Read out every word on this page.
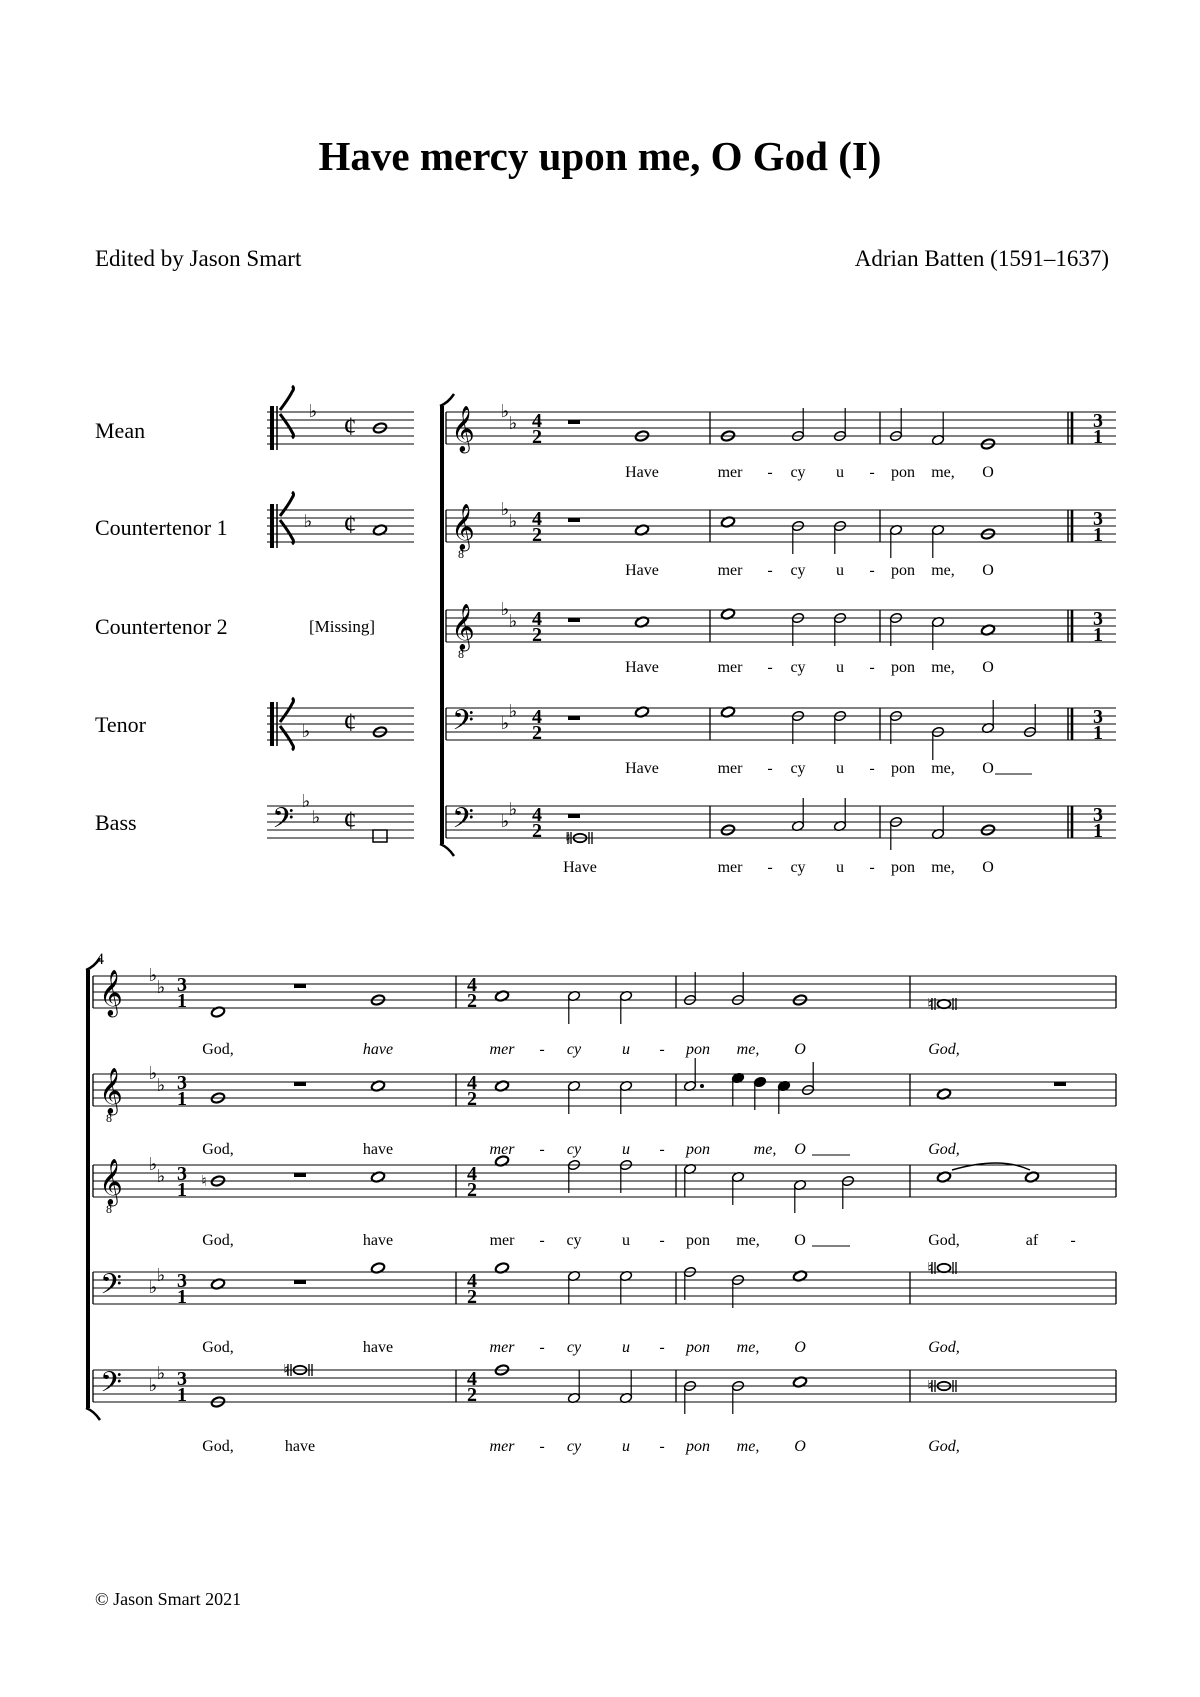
Have mercy upon me, O God (I)
Edited by Jason Smart	Adrian Batten (1591–1637)
Mean
Countertenor 1
Countertenor 2
Tenor
Bass
[Missing]
♭
¢
♭ ¢
♭ ¢
𝄢
♭
♭ ¢
𝄞 ♭
♭ 4
2
3
1
𝄞
8
♭
♭ 4
2
3
1
𝄞
8
♭
♭ 4
2
3
1
𝄢 ♭
♭ 4
2
3
1
𝄢 ♭
♭ 4
2
3
1
♮
Have	mer - cy u - pon me, O
Have	mer - cy u - pon me, O
Have	mer - cy u - pon me, O
Have	mer - cy u - pon me, O
Have	mer - cy u - pon me, O
4
𝄞 ♭
♭ 3
1
4
2
𝄞
8
♭
♭ 3
1
4
2
𝄞
8
♭
♭ 3
1
4
2
𝄢 ♭
♭ 3
1
4
2
𝄢 ♭
♭ 3
1
4
2
♮
♮
♮
♮
♮
God,	have	mer - cy	u - pon me, O	God,
God,	have	mer - cy	u - pon	me, O	God,
God,	have	mer - cy	u - pon me, O	God,	af -
God,	have	mer - cy	u - pon me, O	God,
God,	have	mer - cy	u - pon me, O	God,
© Jason Smart 2021
